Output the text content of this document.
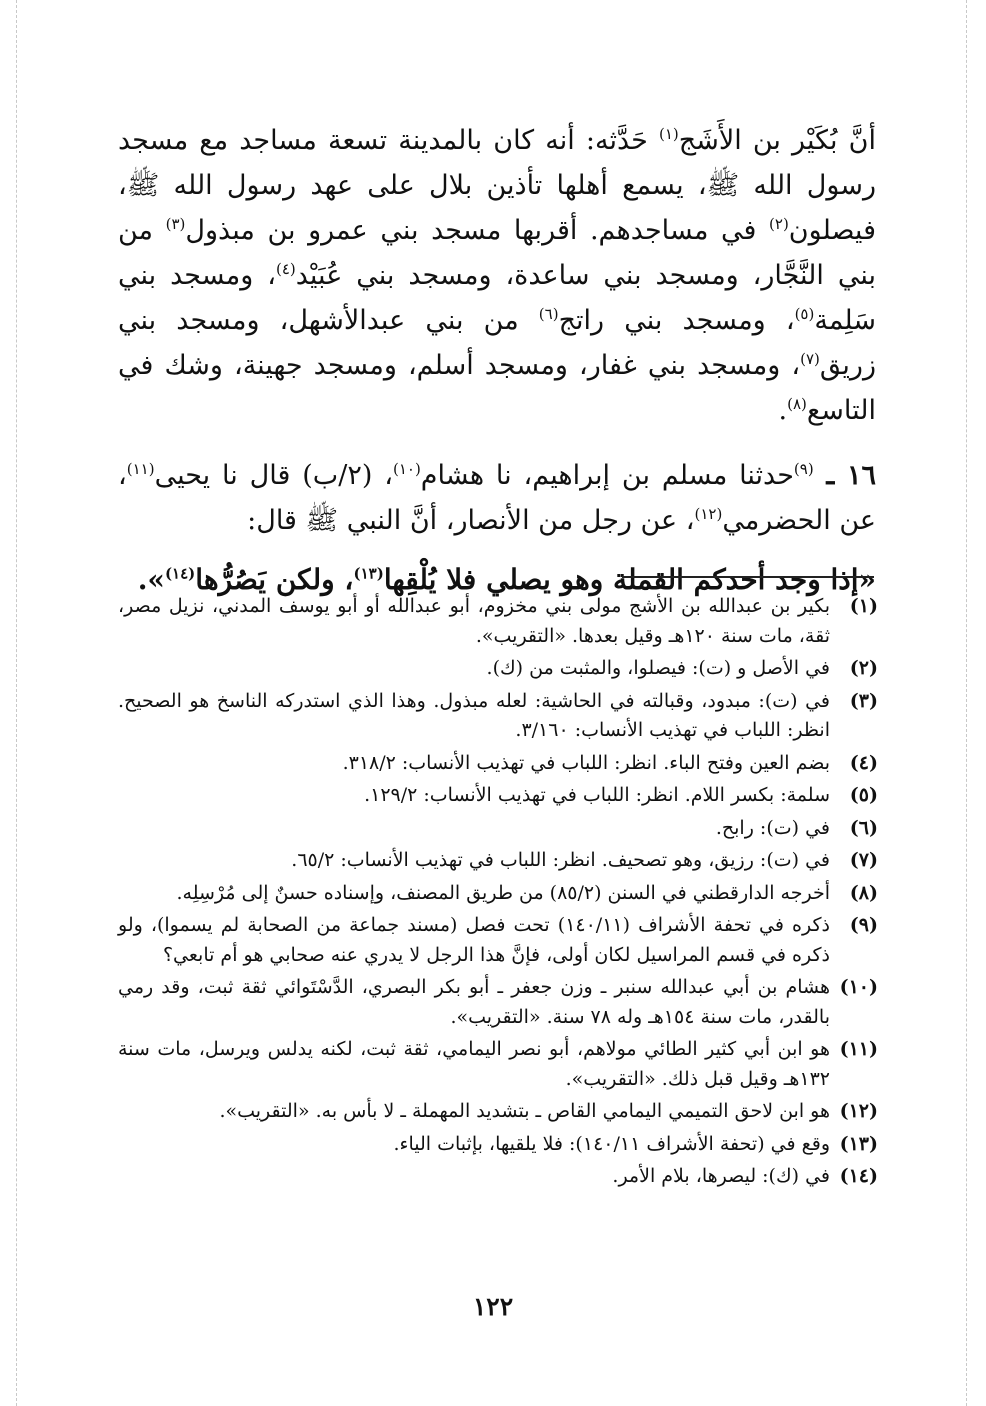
أنَّ بُكَيْر بن الأَشَج$^{(١)}$ حَدَّثه: أنه كان بالمدينة تسعة مساجد مع مسجد رسول الله ﷺ، يسمع أهلها تأذين بلال على عهد رسول الله ﷺ، فيصلون$^{(٢)}$ في مساجدهم. أقربها مسجد بني عمرو بن مبذول$^{(٣)}$ من بني النَّجَّار، ومسجد بني ساعدة، ومسجد بني عُبَيْد$^{(٤)}$، ومسجد بني سَلِمة$^{(٥)}$، ومسجد بني راتج$^{(٦)}$ من بني عبدالأشهل، ومسجد بني زريق$^{(٧)}$، ومسجد بني غفار، ومسجد أسلم، ومسجد جهينة، وشك في التاسع$^{(٨)}$.

١٦ ـ $^{(٩)}$حدثنا مسلم بن إبراهيم، نا هشام$^{(١٠)}$، (٢/ب) قال نا يحيى$^{(١١)}$، عن الحضرمي$^{(١٢)}$، عن رجل من الأنصار، أنَّ النبي ﷺ قال:

«إذا وجد أحدكم القملة وهو يصلي فلا يُلْقِها$^{(١٣)}$، ولكن يَصُرُّها$^{(١٤)}$».

(١)
بكير بن عبدالله بن الأشج مولى بني مخزوم، أبو عبدالله أو أبو يوسف المدني، نزيل مصر، ثقة، مات سنة ١٢٠هـ وقيل بعدها. «التقريب».
(٢)
في الأصل و (ت): فيصلوا، والمثبت من (ك).
(٣)
في (ت): مبدود، وقبالته في الحاشية: لعله مبذول. وهذا الذي استدركه الناسخ هو الصحيح. انظر: اللباب في تهذيب الأنساب: ٣/١٦٠.
(٤)
بضم العين وفتح الباء. انظر: اللباب في تهذيب الأنساب: ٣١٨/٢.
(٥)
سلمة: بكسر اللام. انظر: اللباب في تهذيب الأنساب: ١٢٩/٢.
(٦)
في (ت): رابح.
(٧)
في (ت): رزيق، وهو تصحيف. انظر: اللباب في تهذيب الأنساب: ٦٥/٢.
(٨)
أخرجه الدارقطني في السنن (٨٥/٢) من طريق المصنف، وإسناده حسنٌ إلى مُرْسِلِه.
(٩)
ذكره في تحفة الأشراف (١٤٠/١١) تحت فصل (مسند جماعة من الصحابة لم يسموا)، ولو ذكره في قسم المراسيل لكان أولى، فإنَّ هذا الرجل لا يدري عنه صحابي هو أم تابعي؟
(١٠)
هشام بن أبي عبدالله سنبر ـ وزن جعفر ـ أبو بكر البصري، الدَّسْتَوائي ثقة ثبت، وقد رمي بالقدر، مات سنة ١٥٤هـ وله ٧٨ سنة. «التقريب».
(١١)
هو ابن أبي كثير الطائي مولاهم، أبو نصر اليمامي، ثقة ثبت، لكنه يدلس ويرسل، مات سنة ١٣٢هـ وقيل قبل ذلك. «التقريب».
(١٢)
هو ابن لاحق التميمي اليمامي القاص ـ بتشديد المهملة ـ لا بأس به. «التقريب».
(١٣)
وقع في (تحفة الأشراف ١٤٠/١١): فلا يلقيها، بإثبات الياء.
(١٤)
في (ك): ليصرها، بلام الأمر.
١٢٢
